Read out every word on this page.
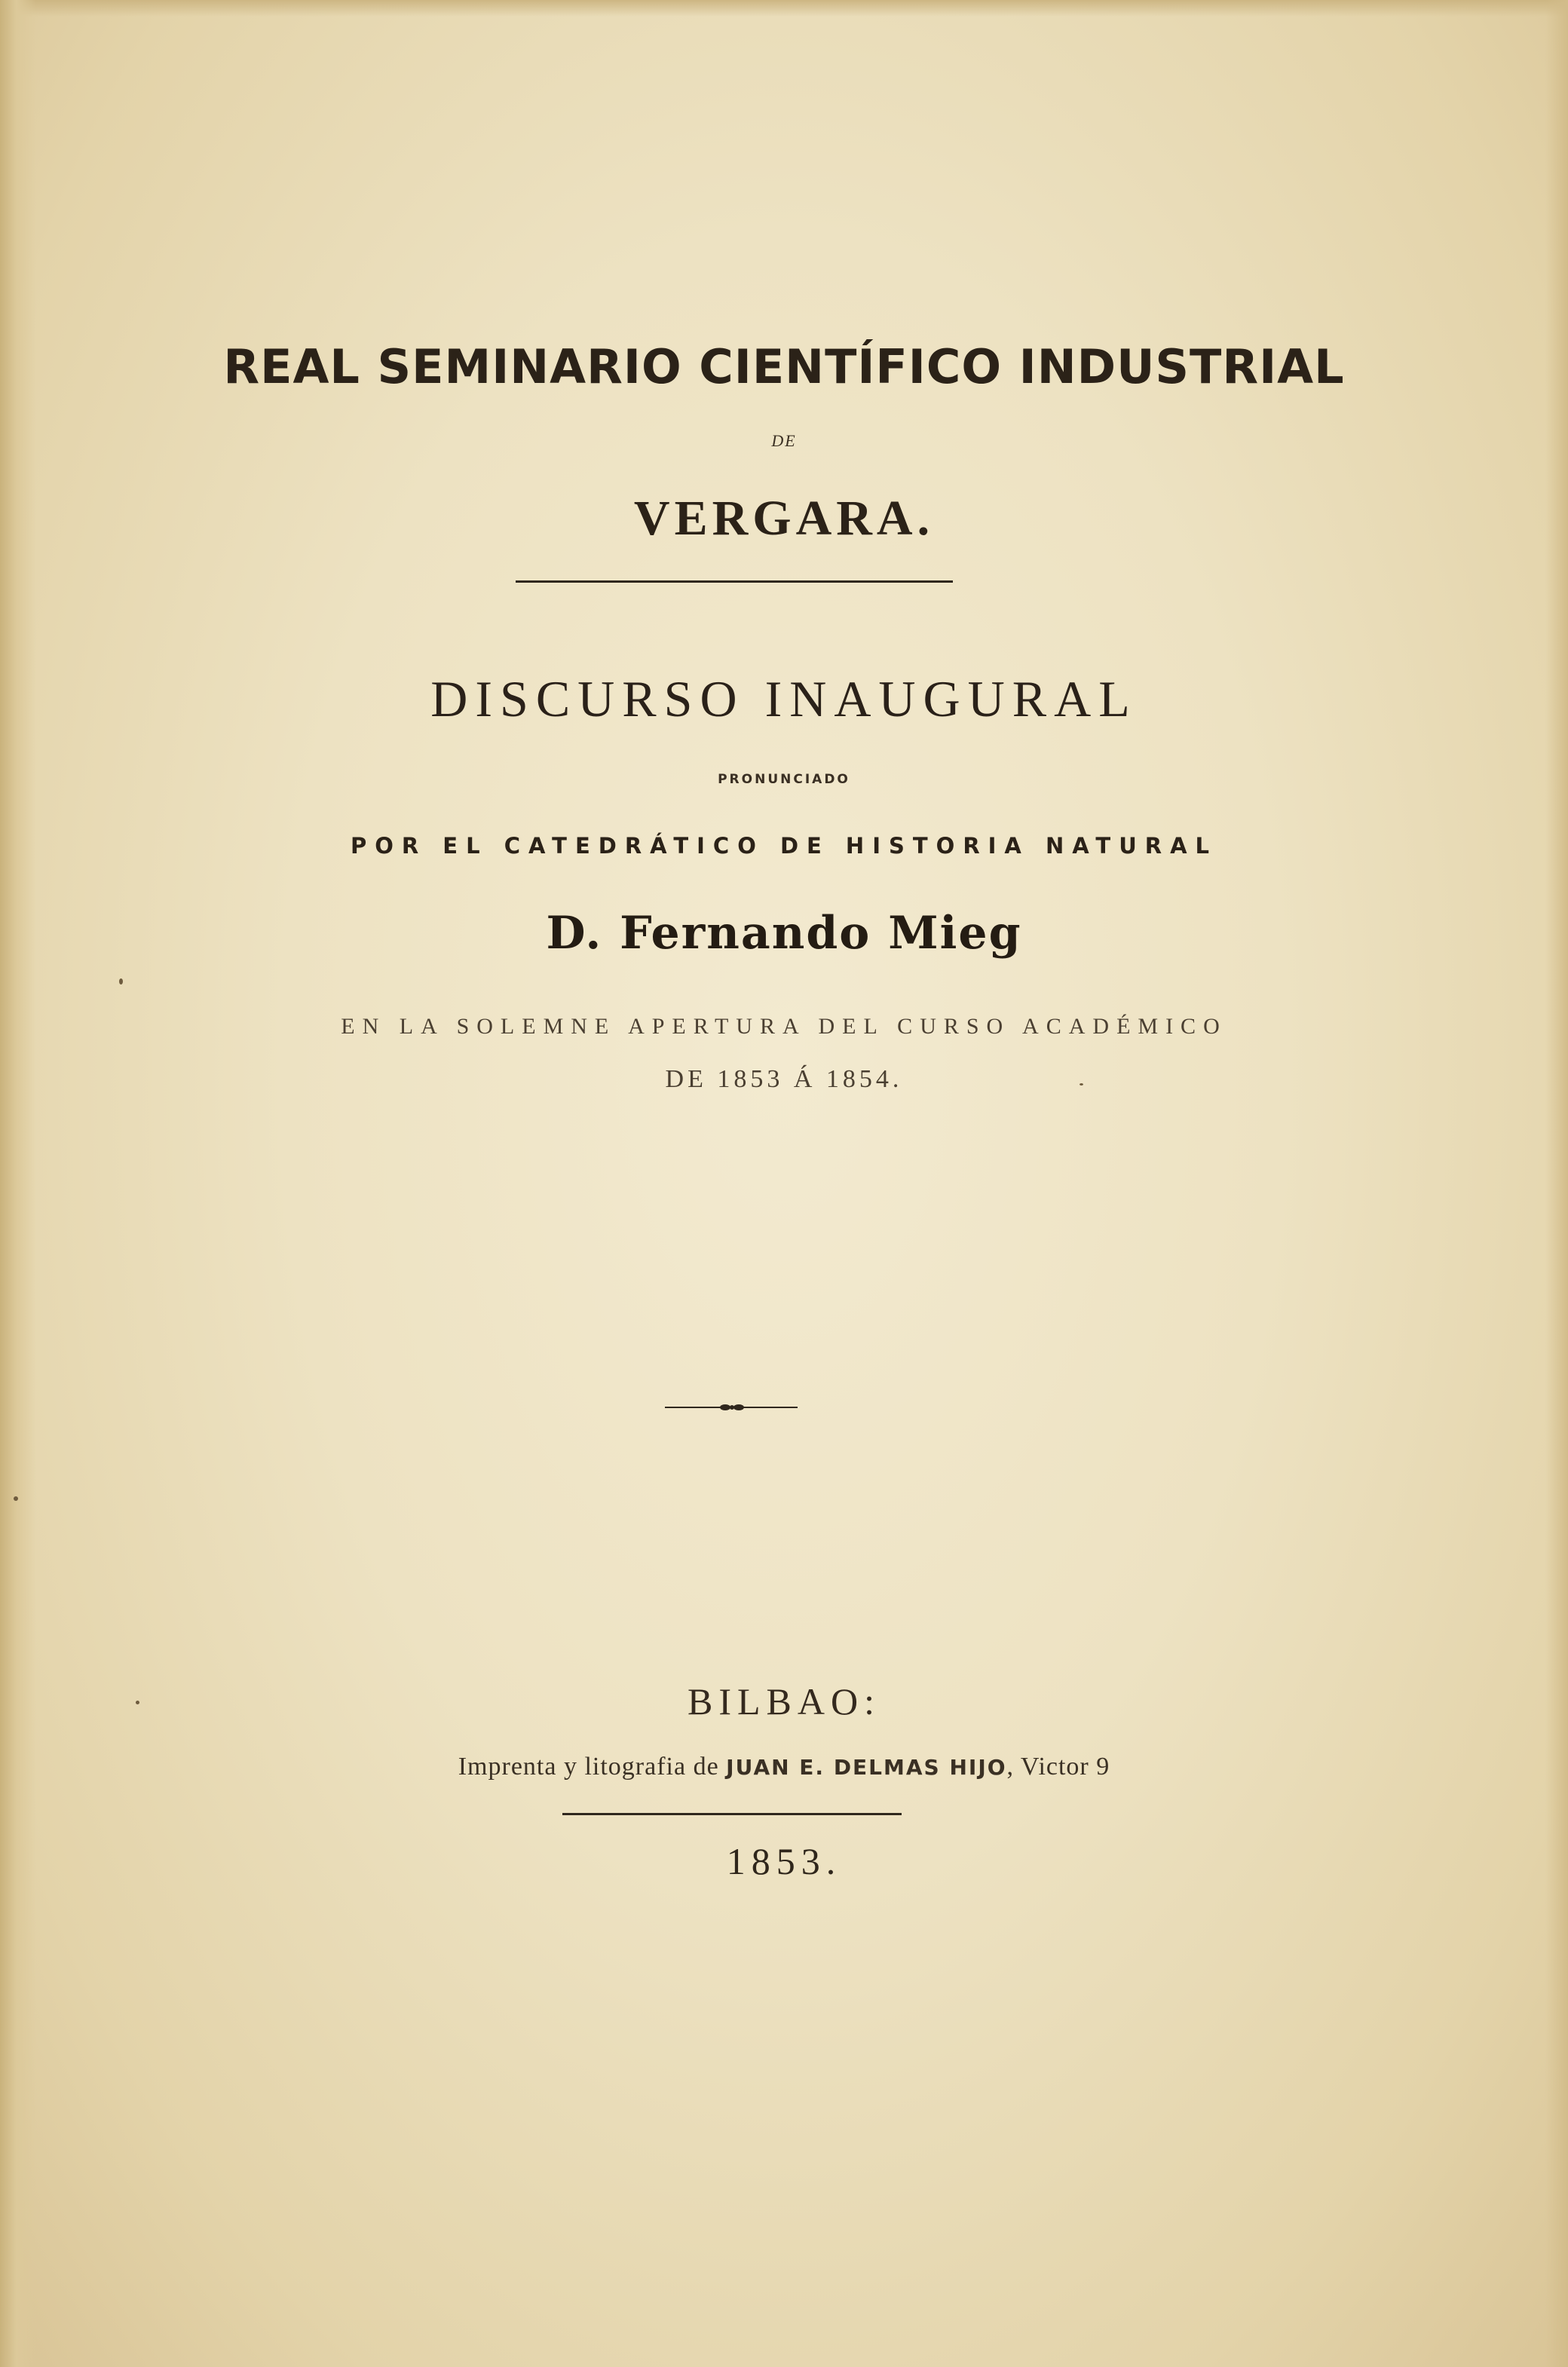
REAL SEMINARIO CIENTÍFICO INDUSTRIAL
DE
VERGARA.
DISCURSO INAUGURAL
PRONUNCIADO
POR EL CATEDRÁTICO DE HISTORIA NATURAL
D. Fernando Mieg
EN LA SOLEMNE APERTURA DEL CURSO ACADÉMICO
DE 1853 Á 1854.
BILBAO:
Imprenta y litografia de JUAN E. DELMAS HIJO, Victor 9
1853.
